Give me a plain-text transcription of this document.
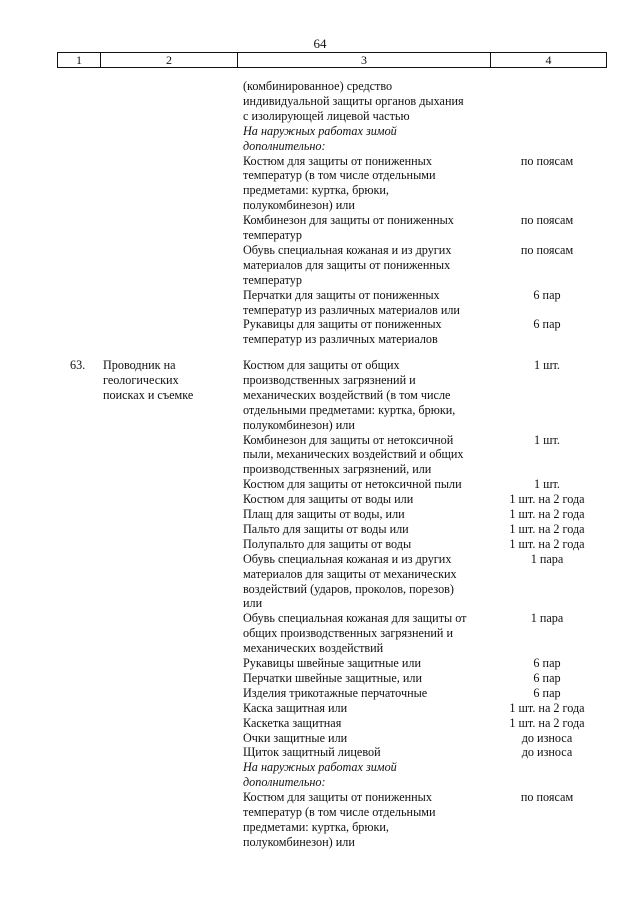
64
1	2	3	4
(комбинированное) средство
индивидуальной защиты органов дыхания
с изолирующей лицевой частью
На наружных работах зимой
дополнительно:
Костюм для защиты от пониженных	по поясам
температур (в том числе отдельными
предметами: куртка, брюки,
полукомбинезон) или
Комбинезон для защиты от пониженных	по поясам
температур
Обувь специальная кожаная и из других	по поясам
материалов для защиты от пониженных
температур
Перчатки для защиты от пониженных	6 пар
температур из различных материалов или
Рукавицы для защиты от пониженных	6 пар
температур из различных материалов
63.	Проводник на
геологических
поисках и съемке
Костюм для защиты от общих	1 шт.
производственных загрязнений и
механических воздействий (в том числе
отдельными предметами: куртка, брюки,
полукомбинезон) или
Комбинезон для защиты от нетоксичной	1 шт.
пыли, механических воздействий и общих
производственных загрязнений, или
Костюм для защиты от нетоксичной пыли	1 шт.
Костюм для защиты от воды или	1 шт. на 2 года
Плащ для защиты от воды, или	1 шт. на 2 года
Пальто для защиты от воды или	1 шт. на 2 года
Полупальто для защиты от воды	1 шт. на 2 года
Обувь специальная кожаная и из других	1 пара
материалов для защиты от механических
воздействий (ударов, проколов, порезов)
или
Обувь специальная кожаная для защиты от	1 пара
общих производственных загрязнений и
механических воздействий
Рукавицы швейные защитные или	6 пар
Перчатки швейные защитные, или	6 пар
Изделия трикотажные перчаточные	6 пар
Каска защитная или	1 шт. на 2 года
Каскетка защитная	1 шт. на 2 года
Очки защитные или	до износа
Щиток защитный лицевой	до износа
На наружных работах зимой
дополнительно:
Костюм для защиты от пониженных	по поясам
температур (в том числе отдельными
предметами: куртка, брюки,
полукомбинезон) или
